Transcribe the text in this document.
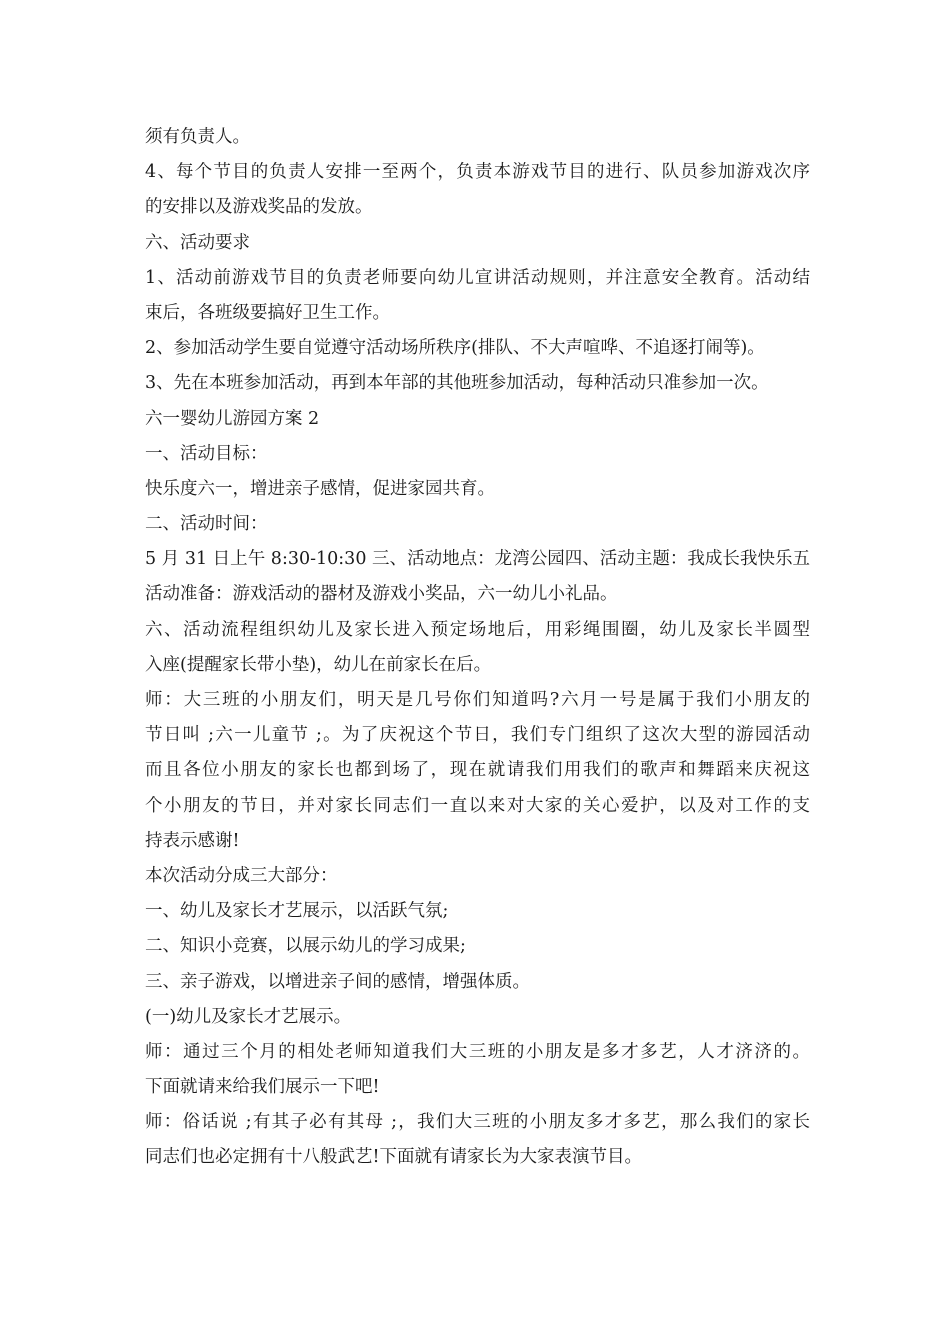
须有负责人。
4、每个节目的负责人安排一至两个，负责本游戏节目的进行、队员参加游戏次序
的安排以及游戏奖品的发放。
六、活动要求
1、活动前游戏节目的负责老师要向幼儿宣讲活动规则，并注意安全教育。活动结
束后，各班级要搞好卫生工作。
2、参加活动学生要自觉遵守活动场所秩序(排队、不大声喧哗、不追逐打闹等)。
3、先在本班参加活动，再到本年部的其他班参加活动，每种活动只准参加一次。
六一婴幼儿游园方案 2
一、活动目标：
快乐度六一，增进亲子感情，促进家园共育。
二、活动时间：
5 月 31 日上午 8:30-10:30 三、活动地点：龙湾公园四、活动主题：我成长我快乐五
活动准备：游戏活动的器材及游戏小奖品，六一幼儿小礼品。
六、活动流程组织幼儿及家长进入预定场地后，用彩绳围圈，幼儿及家长半圆型
入座(提醒家长带小垫)，幼儿在前家长在后。
师：大三班的小朋友们，明天是几号你们知道吗?六月一号是属于我们小朋友的
节日叫 ;六一儿童节 ;。为了庆祝这个节日，我们专门组织了这次大型的游园活动
而且各位小朋友的家长也都到场了，现在就请我们用我们的歌声和舞蹈来庆祝这
个小朋友的节日，并对家长同志们一直以来对大家的关心爱护，以及对工作的支
持表示感谢!
本次活动分成三大部分：
一、幼儿及家长才艺展示，以活跃气氛;
二、知识小竞赛，以展示幼儿的学习成果;
三、亲子游戏，以增进亲子间的感情，增强体质。
(一)幼儿及家长才艺展示。
师：通过三个月的相处老师知道我们大三班的小朋友是多才多艺，人才济济的。
下面就请来给我们展示一下吧!
师：俗话说 ;有其子必有其母 ;，我们大三班的小朋友多才多艺，那么我们的家长
同志们也必定拥有十八般武艺!下面就有请家长为大家表演节目。
